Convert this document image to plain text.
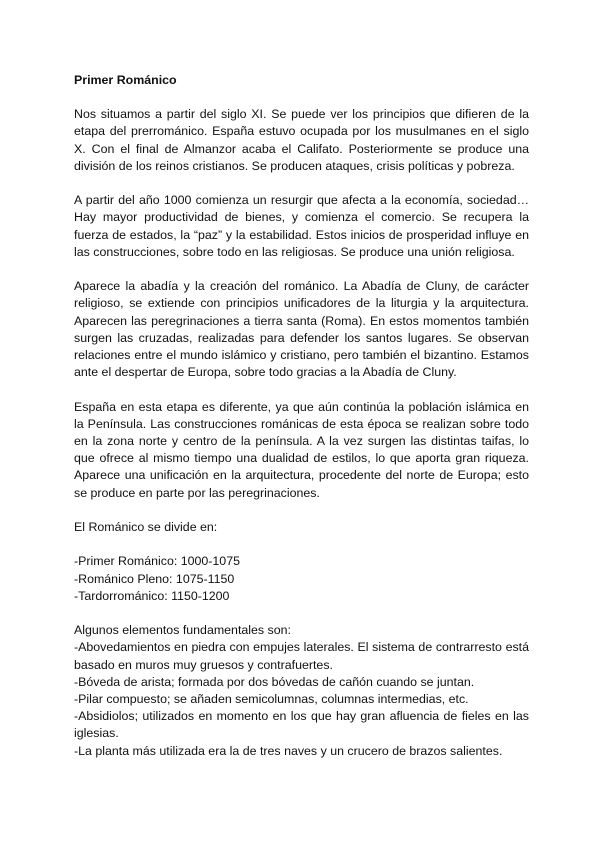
Primer Románico

Nos situamos a partir del siglo XI. Se puede ver los principios que difieren de la etapa del prerrománico. España estuvo ocupada por los musulmanes en el siglo X. Con el final de Almanzor acaba el Califato. Posteriormente se produce una división de los reinos cristianos. Se producen ataques, crisis políticas y pobreza.

A partir del año 1000 comienza un resurgir que afecta a la economía, sociedad… Hay mayor productividad de bienes, y comienza el comercio. Se recupera la fuerza de estados, la “paz” y la estabilidad. Estos inicios de prosperidad influye en las construcciones, sobre todo en las religiosas. Se produce una unión religiosa.

Aparece la abadía y la creación del románico. La Abadía de Cluny, de carácter religioso, se extiende con principios unificadores de la liturgia y la arquitectura. Aparecen las peregrinaciones a tierra santa (Roma). En estos momentos también surgen las cruzadas, realizadas para defender los santos lugares. Se observan relaciones entre el mundo islámico y cristiano, pero también el bizantino. Estamos ante el despertar de Europa, sobre todo gracias a la Abadía de Cluny.

España en esta etapa es diferente, ya que aún continúa la población islámica en la Península. Las construcciones románicas de esta época se realizan sobre todo en la zona norte y centro de la península. A la vez surgen las distintas taifas, lo que ofrece al mismo tiempo una dualidad de estilos, lo que aporta gran riqueza. Aparece una unificación en la arquitectura, procedente del norte de Europa; esto se produce en parte por las peregrinaciones.

El Románico se divide en:

-Primer Románico: 1000-1075
-Románico Pleno: 1075-1150
-Tardorrománico: 1150-1200
Algunos elementos fundamentales son:
-Abovedamientos en piedra con empujes laterales. El sistema de contrarresto está basado en muros muy gruesos y contrafuertes.
-Bóveda de arista; formada por dos bóvedas de cañón cuando se juntan.
-Pilar compuesto; se añaden semicolumnas, columnas intermedias, etc.
-Absidiolos; utilizados en momento en los que hay gran afluencia de fieles en las iglesias.
-La planta más utilizada era la de tres naves y un crucero de brazos salientes.
